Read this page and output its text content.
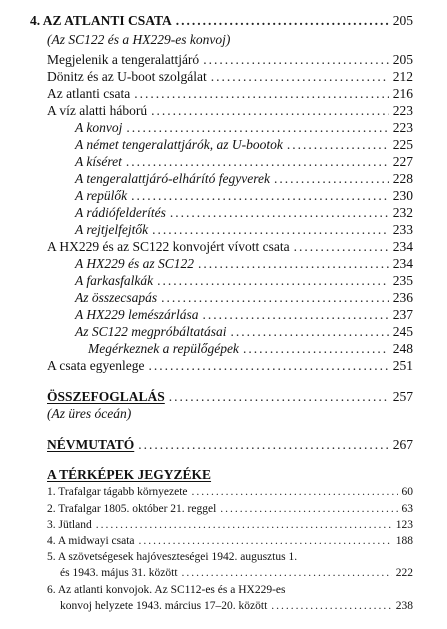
4. AZ ATLANTI CSATA .....	205
(Az SC122 és a HX229-es konvoj)
Megjelenik a tengeralattjáró .....	205
Dönitz és az U-boot szolgálat .....	212
Az atlanti csata .....	216
A víz alatti háború .....	223
A konvoj .....	223
A német tengeralattjárók, az U-bootok .....	225
A kíséret .....	227
A tengeralattjáró-elhárító fegyverek .....	228
A repülők .....	230
A rádiófelderítés .....	232
A rejtjelfejtők .....	233
A HX229 és az SC122 konvojért vívott csata .....	234
A HX229 és az SC122 .....	234
A farkasfalkák .....	235
Az összecsapás .....	236
A HX229 lemészárlása .....	237
Az SC122 megpróbáltatásai .....	245
Megérkeznek a repülőgépek .....	248
A csata egyenlege .....	251
ÖSSZEFOGLALÁS .....	257
(Az üres óceán)
NÉVMUTATÓ .....	267
A TÉRKÉPEK JEGYZÉKE
1. Trafalgar tágabb környezete .....	60
2. Trafalgar 1805. október 21. reggel .....	63
3. Jütland .....	123
4. A midwayi csata .....	188
5. A szövetségesek hajóveszteségei 1942. augusztus 1.
és 1943. május 31. között .....	222
6. Az atlanti konvojok. Az SC112-es és a HX229-es
konvoj helyzete 1943. március 17–20. között .....	238
